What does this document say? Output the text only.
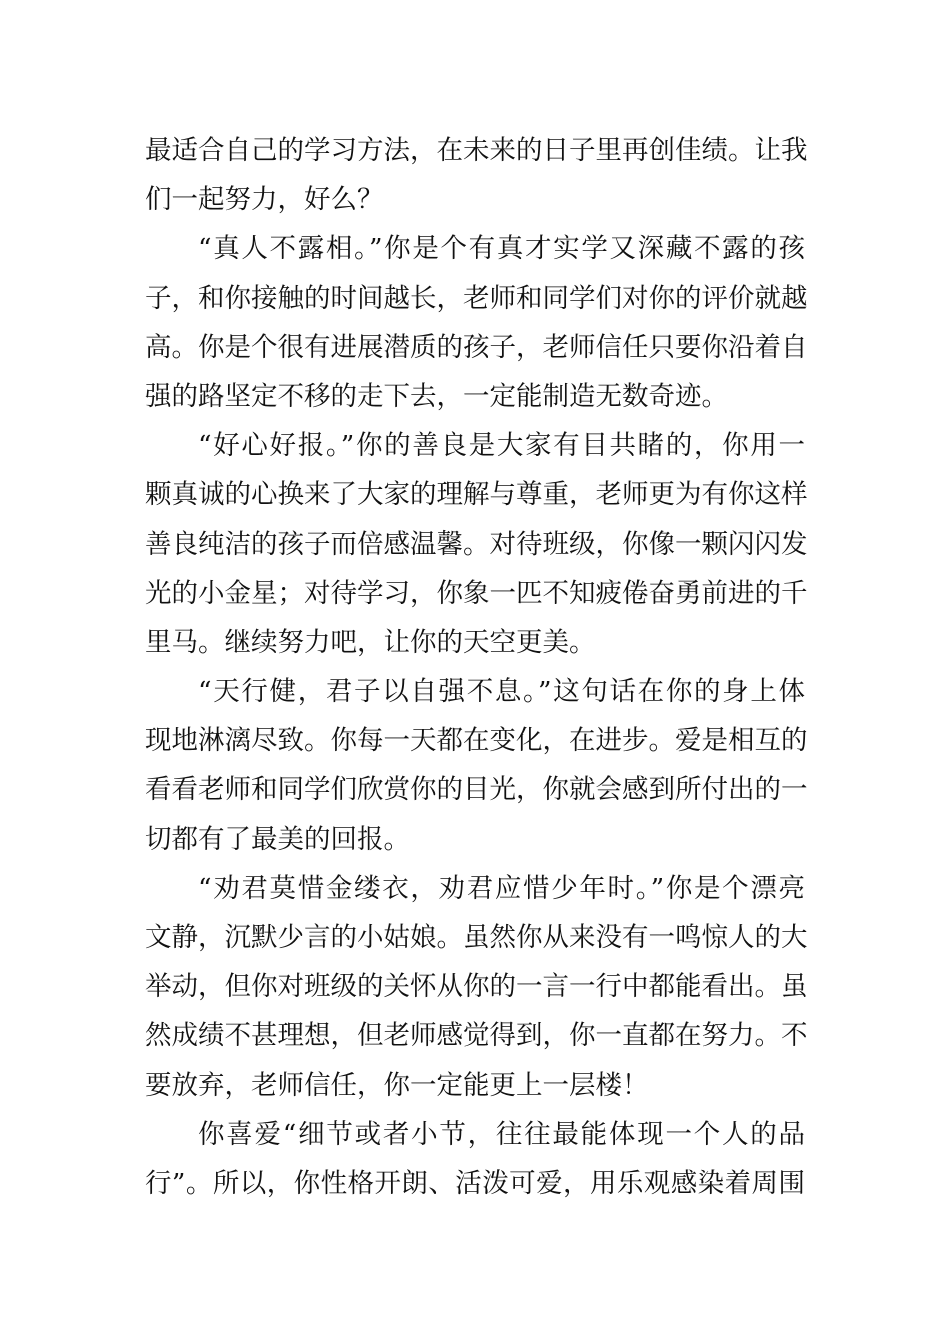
最适合自己的学习方法，在未来的日子里再创佳绩。让我
们一起努力，好么？
“真人不露相。”你是个有真才实学又深藏不露的孩
子，和你接触的时间越长，老师和同学们对你的评价就越
高。你是个很有进展潜质的孩子，老师信任只要你沿着自
强的路坚定不移的走下去，一定能制造无数奇迹。
“好心好报。”你的善良是大家有目共睹的，你用一
颗真诚的心换来了大家的理解与尊重，老师更为有你这样
善良纯洁的孩子而倍感温馨。对待班级，你像一颗闪闪发
光的小金星；对待学习，你象一匹不知疲倦奋勇前进的千
里马。继续努力吧，让你的天空更美。
“天行健，君子以自强不息。”这句话在你的身上体
现地淋漓尽致。你每一天都在变化，在进步。爱是相互的
看看老师和同学们欣赏你的目光，你就会感到所付出的一
切都有了最美的回报。
“劝君莫惜金缕衣，劝君应惜少年时。”你是个漂亮
文静，沉默少言的小姑娘。虽然你从来没有一鸣惊人的大
举动，但你对班级的关怀从你的一言一行中都能看出。虽
然成绩不甚理想，但老师感觉得到，你一直都在努力。不
要放弃，老师信任，你一定能更上一层楼！
你喜爱“细节或者小节，往往最能体现一个人的品
行”。所以，你性格开朗、活泼可爱，用乐观感染着周围
